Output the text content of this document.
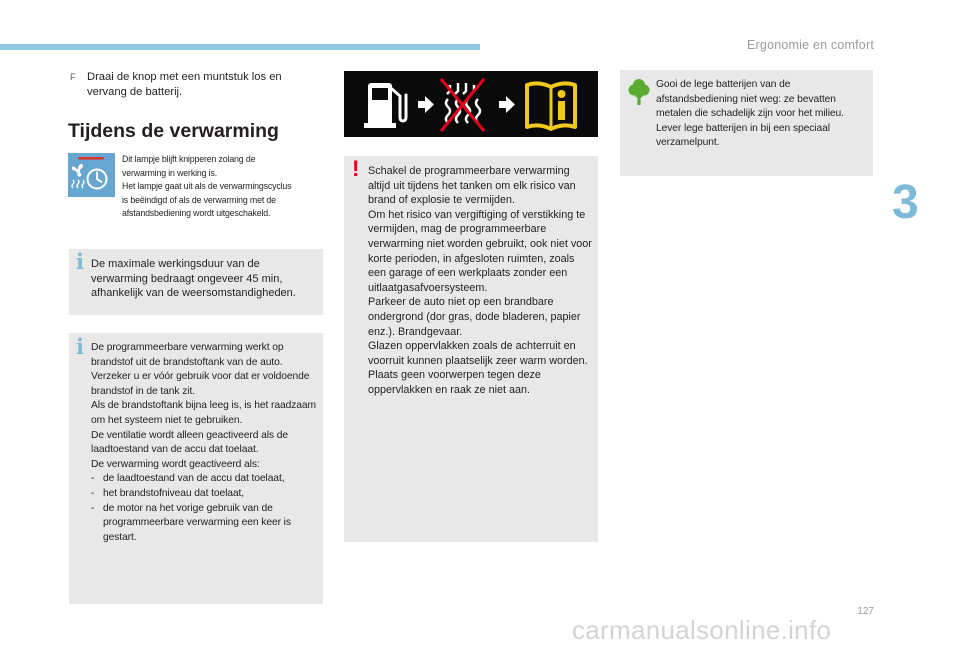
Ergonomie en comfort
3
F	Draai de knop met een muntstuk los en vervang de batterij.
Tijdens de verwarming
Dit lampje blijft knipperen zolang de
verwarming in werking is.
Het lampje gaat uit als de verwarmingscyclus
is beëindigd of als de verwarming met de
afstandsbediening wordt uitgeschakeld.
i De maximale werkingsduur van de verwarming bedraagt ongeveer 45 min, afhankelijk van de weersomstandigheden.
i De programmeerbare verwarming werkt op brandstof uit de brandstoftank van de auto.
Verzeker u er vóór gebruik voor dat er voldoende brandstof in de tank zit.
Als de brandstoftank bijna leeg is, is het raadzaam om het systeem niet te gebruiken.
De ventilatie wordt alleen geactiveerd als de laadtoestand van de accu dat toelaat.
De verwarming wordt geactiveerd als:
- de laadtoestand van de accu dat toelaat,
- het brandstofniveau dat toelaat,
- de motor na het vorige gebruik van de programmeerbare verwarming een keer is gestart.
! Schakel de programmeerbare verwarming altijd uit tijdens het tanken om elk risico van brand of explosie te vermijden.
Om het risico van vergiftiging of verstikking te vermijden, mag de programmeerbare verwarming niet worden gebruikt, ook niet voor korte perioden, in afgesloten ruimten, zoals een garage of een werkplaats zonder een uitlaatgasafvoersysteem.
Parkeer de auto niet op een brandbare ondergrond (dor gras, dode bladeren, papier enz.). Brandgevaar.
Glazen oppervlakken zoals de achterruit en voorruit kunnen plaatselijk zeer warm worden.
Plaats geen voorwerpen tegen deze oppervlakken en raak ze niet aan.
Gooi de lege batterijen van de afstandsbediening niet weg: ze bevatten metalen die schadelijk zijn voor het milieu.
Lever lege batterijen in bij een speciaal verzamelpunt.
127
carmanualsonline.info
